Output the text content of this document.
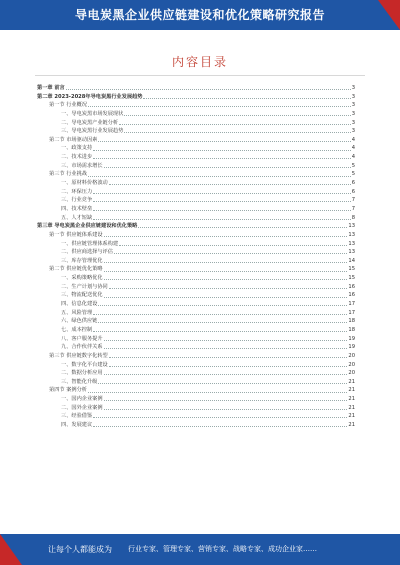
导电炭黑企业供应链建设和优化策略研究报告
内容目录
第一章 前言	3
第二章 2023-2028年导电炭黑行业发展趋势	3
第一节 行业概况	3
一、导电炭黑市场发展现状	3
二、导电炭黑产业链分析	3
三、导电炭黑行业发展趋势	3
第二节 市场驱动因素	4
一、政策支持	4
二、技术进步	4
三、市场需求增长	5
第三节 行业挑战	5
一、原材料价格波动	6
二、环保压力	6
三、行业竞争	7
四、技术壁垒	7
五、人才短缺	8
第三章 导电炭黑企业供应链建设和优化策略	13
第一节 供应链体系建设	13
一、供应链管理体系构建	13
二、供应商选择与评估	13
三、库存管理优化	14
第二节 供应链优化策略	15
一、采购策略优化	15
二、生产计划与协同	16
三、物流配送优化	16
四、信息化建设	17
五、风险管理	17
六、绿色供应链	18
七、成本控制	18
八、客户服务提升	19
九、合作伙伴关系	19
第三节 供应链数字化转型	20
一、数字化平台建设	20
二、数据分析应用	20
三、智能化升级	21
第四节 案例分析	21
一、国内企业案例	21
二、国外企业案例	21
三、经验借鉴	21
四、发展建议	21
让每个人都能成为 行业专家、管理专家、营销专家、战略专家、成功企业家……
